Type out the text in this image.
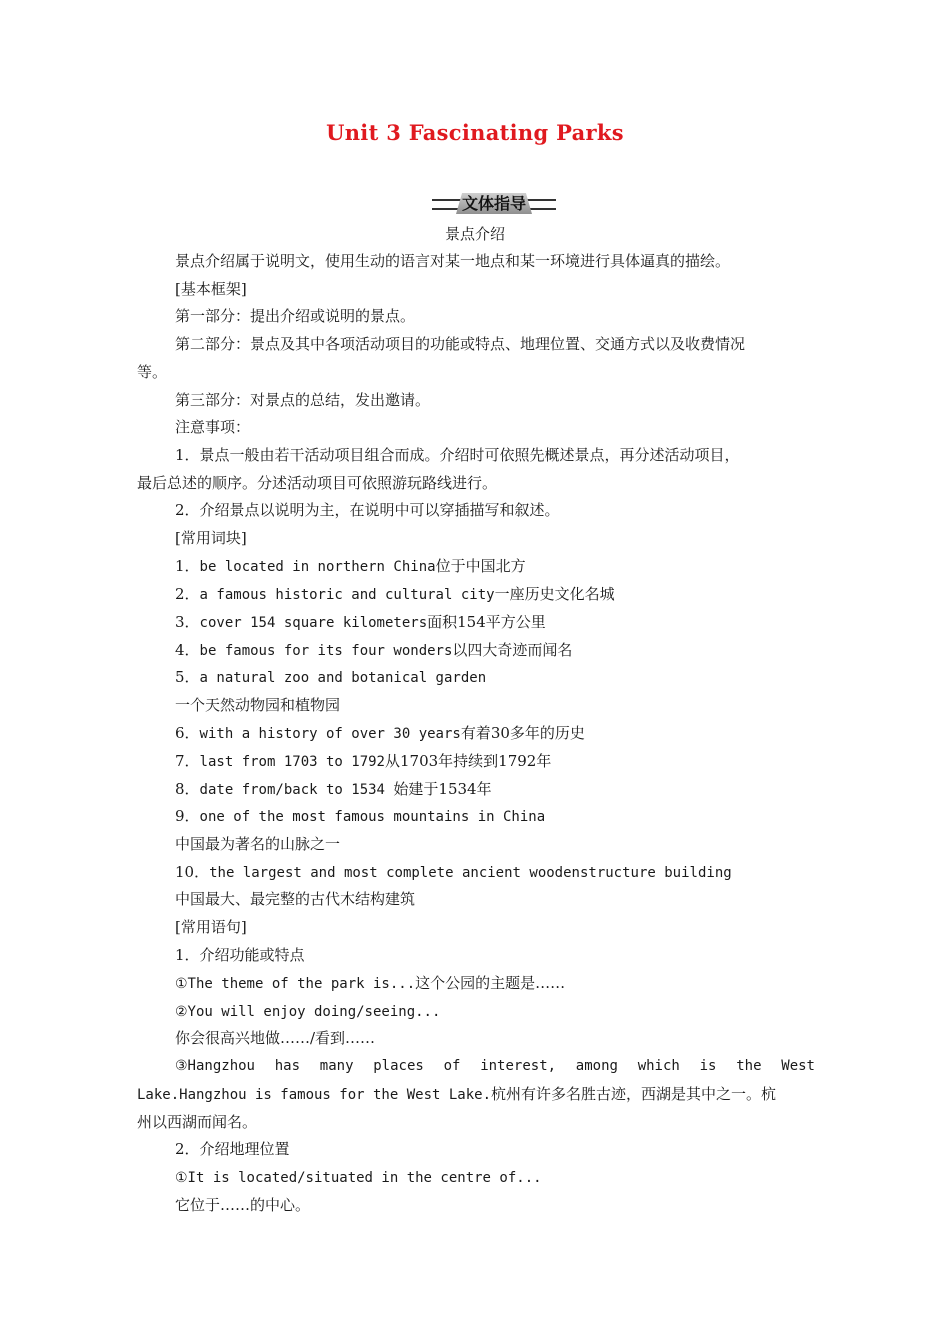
Unit 3 Fascinating Parks
文体指导

景点介绍

景点介绍属于说明文，使用生动的语言对某一地点和某一环境进行具体逼真的描绘。

[基本框架]

第一部分：提出介绍或说明的景点。

第二部分：景点及其中各项活动项目的功能或特点、地理位置、交通方式以及收费情况

等。

第三部分：对景点的总结，发出邀请。

注意事项：

1．景点一般由若干活动项目组合而成。介绍时可依照先概述景点，再分述活动项目，

最后总述的顺序。分述活动项目可依照游玩路线进行。

2．介绍景点以说明为主，在说明中可以穿插描写和叙述。

[常用词块]

1．be located in northern China位于中国北方

2．a famous historic and cultural city一座历史文化名城

3．cover 154 square kilometers面积154平方公里

4．be famous for its four wonders以四大奇迹而闻名

5．a natural zoo and botanical garden

一个天然动物园和植物园

6．with a history of over 30 years有着30多年的历史

7．last from 1703 to 1792从1703年持续到1792年

8．date from/back to 1534 始建于1534年

9．one of the most famous mountains in China

中国最为著名的山脉之一

10．the largest and most complete ancient woodenstructure building

中国最大、最完整的古代木结构建筑

[常用语句]

1．介绍功能或特点

①The theme of the park is...这个公园的主题是……

②You will enjoy doing/seeing...

你会很高兴地做……/看到……

③Hangzhou has many places of interest, among which is the West

Lake.Hangzhou is famous for the West Lake.杭州有许多名胜古迹，西湖是其中之一。杭

州以西湖而闻名。

2．介绍地理位置

①It is located/situated in the centre of...

它位于……的中心。
